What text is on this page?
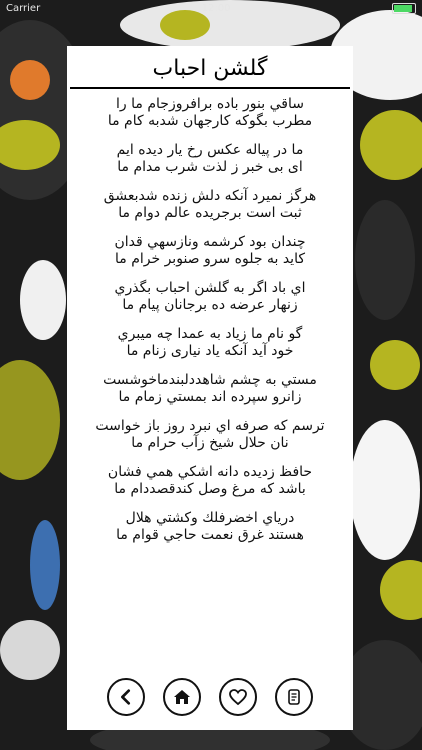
Carrier	12:00
گلشن احباب
ساقي بنور باده برافروزجام ما را
مطرب بگوکه کارجهان شدبه کام ما
ما در پیاله عکس رخ یار دیده ایم
ای بی خبر ز لذت شرب مدام ما
هرگز نمیرد آنکه دلش زنده شدبعشق
ثبت است برجریده عالم دوام ما
چندان بود کرشمه ونازسهي قدان
کاید به جلوه سرو صنوبر خرام ما
اي باد اگر به گلشن احباب بگذري
زنهار عرضه ده برجانان پیام ما
گو نام ما زياد به عمدا چه ميبري
خود آید آنکه یاد نیاری زنام ما
مستي به چشم شاهددلبندماخوشست
زانرو سپرده اند بمستي زمام ما
ترسم که صرفه اي نبرد روز باز خواست
نان حلال شیخ زآب حرام ما
حافظ زديده دانه اشکي همي فشان
باشد که مرغ وصل کندقصددام ما
درياي اخضرفلك وکشتي هلال
هستند غرق نعمت حاجي قوام ما
